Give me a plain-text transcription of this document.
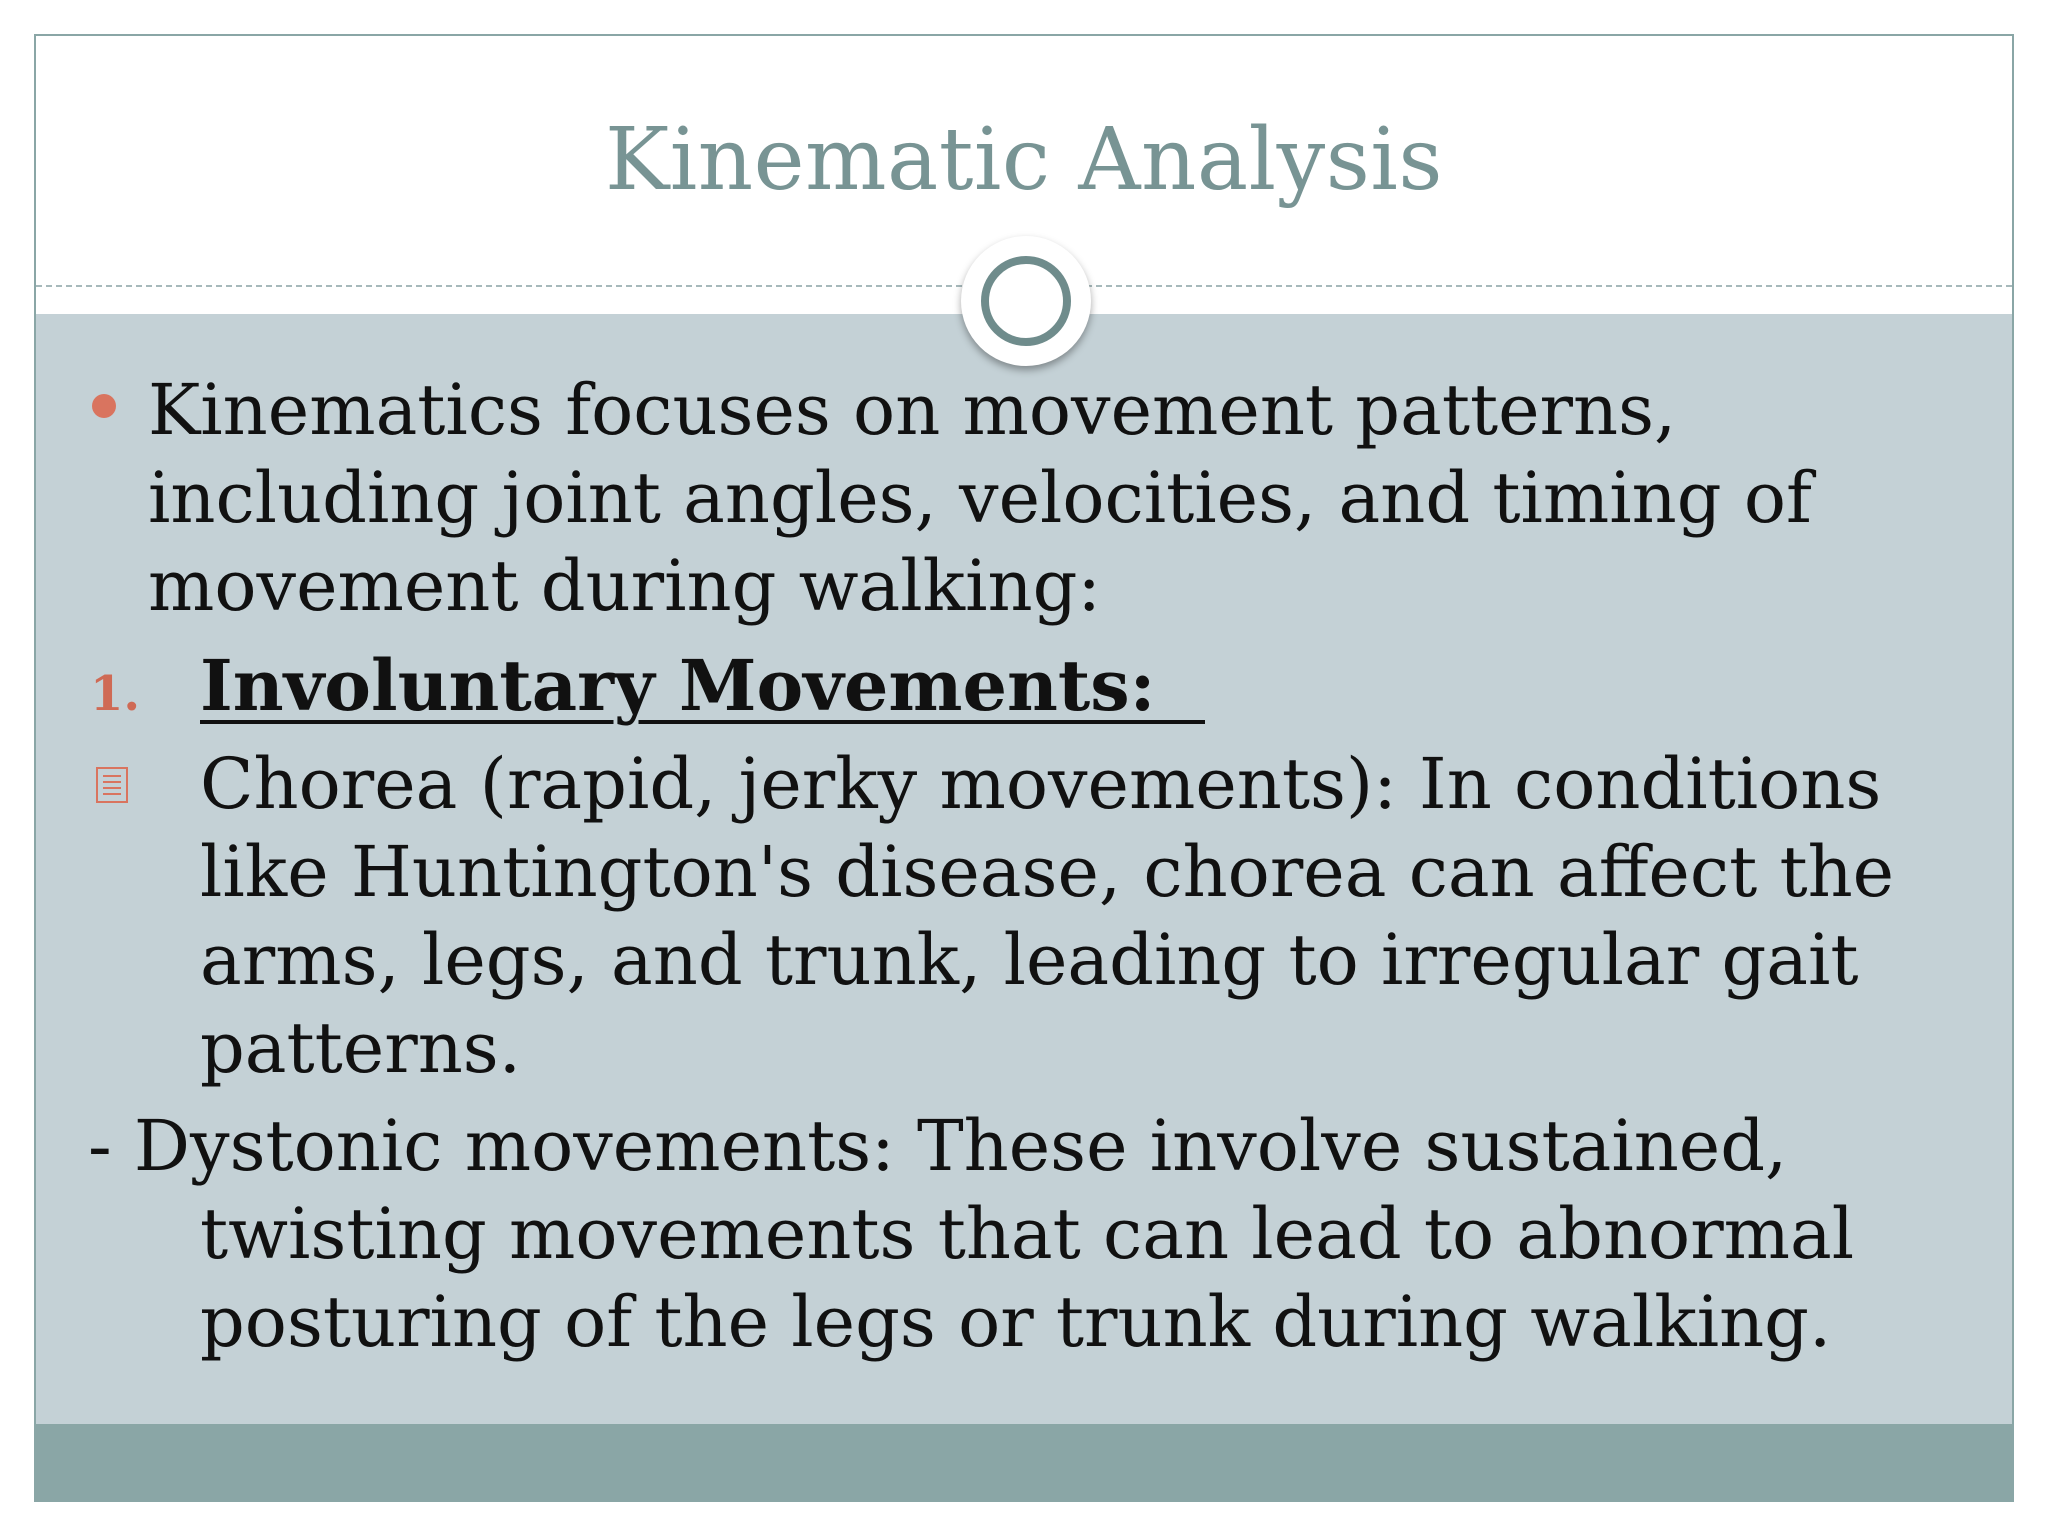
Kinematic Analysis

Kinematics focuses on movement patterns, including joint angles, velocities, and timing of movement during walking:

1. Involuntary Movements:

Chorea (rapid, jerky movements): In conditions like Huntington's disease, chorea can affect the arms, legs, and trunk, leading to irregular gait patterns.

- Dystonic movements: These involve sustained, twisting movements that can lead to abnormal posturing of the legs or trunk during walking.
